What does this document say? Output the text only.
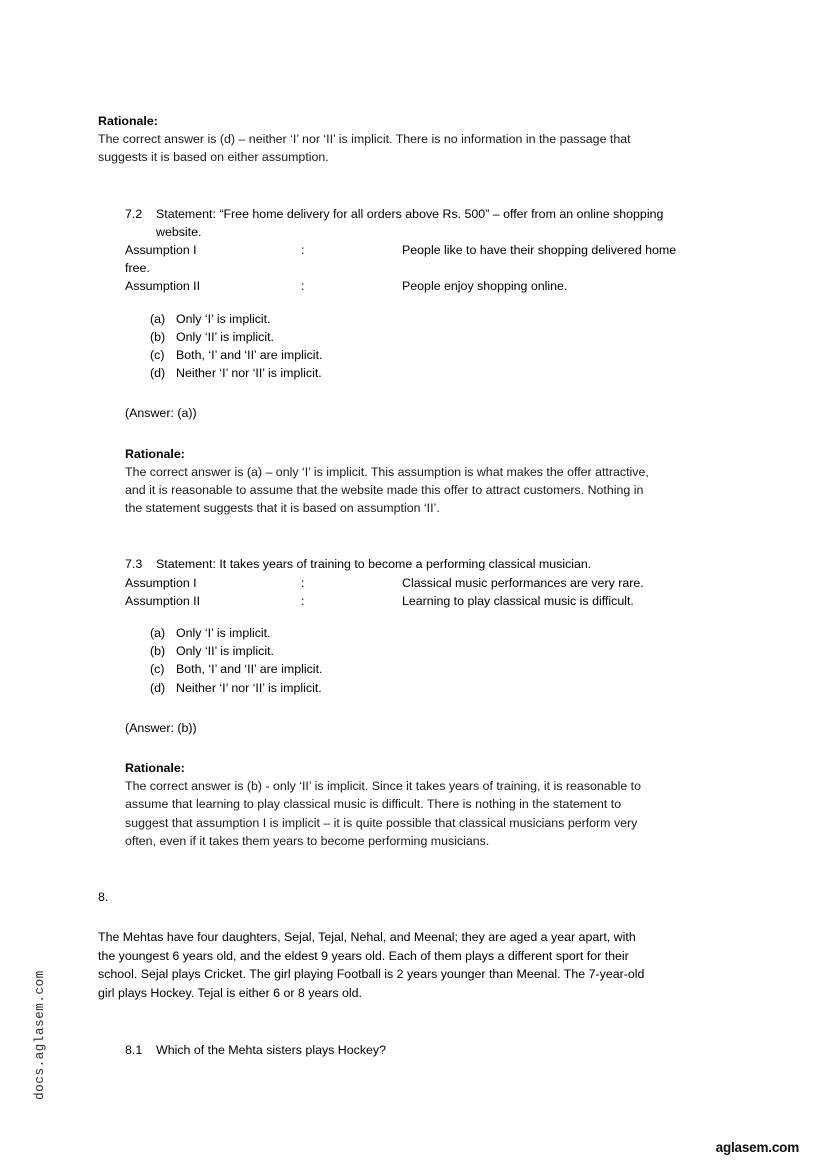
docs.aglasem.com

Rationale:

The correct answer is (d) – neither ‘I’ nor ‘II’ is implicit. There is no information in the passage that

suggests it is based on either assumption.

7.2 Statement: “Free home delivery for all orders above Rs. 500” – offer from an online shopping

website.

Assumption I	:	People like to have their shopping delivered home

free.

Assumption II	:	People enjoy shopping online.

(a) Only ‘I’ is implicit.

(b) Only ‘II’ is implicit.

(c) Both, ‘I’ and ‘II’ are implicit.

(d) Neither ‘I’ nor ‘II’ is implicit.

(Answer: (a))

Rationale:

The correct answer is (a) – only ‘I’ is implicit. This assumption is what makes the offer attractive,

and it is reasonable to assume that the website made this offer to attract customers. Nothing in

the statement suggests that it is based on assumption ‘II’.

7.3 Statement: It takes years of training to become a performing classical musician.

Assumption I	:	Classical music performances are very rare.

Assumption II	:	Learning to play classical music is difficult.

(a) Only ‘I’ is implicit.

(b) Only ‘II’ is implicit.

(c) Both, ‘I’ and ‘II’ are implicit.

(d) Neither ‘I’ nor ‘II’ is implicit.

(Answer: (b))

Rationale:

The correct answer is (b) - only ‘II’ is implicit. Since it takes years of training, it is reasonable to

assume that learning to play classical music is difficult. There is nothing in the statement to

suggest that assumption I is implicit – it is quite possible that classical musicians perform very

often, even if it takes them years to become performing musicians.

8.

The Mehtas have four daughters, Sejal, Tejal, Nehal, and Meenal; they are aged a year apart, with

the youngest 6 years old, and the eldest 9 years old. Each of them plays a different sport for their

school. Sejal plays Cricket. The girl playing Football is 2 years younger than Meenal. The 7-year-old

girl plays Hockey. Tejal is either 6 or 8 years old.

8.1 Which of the Mehta sisters plays Hockey?

aglasem.com
